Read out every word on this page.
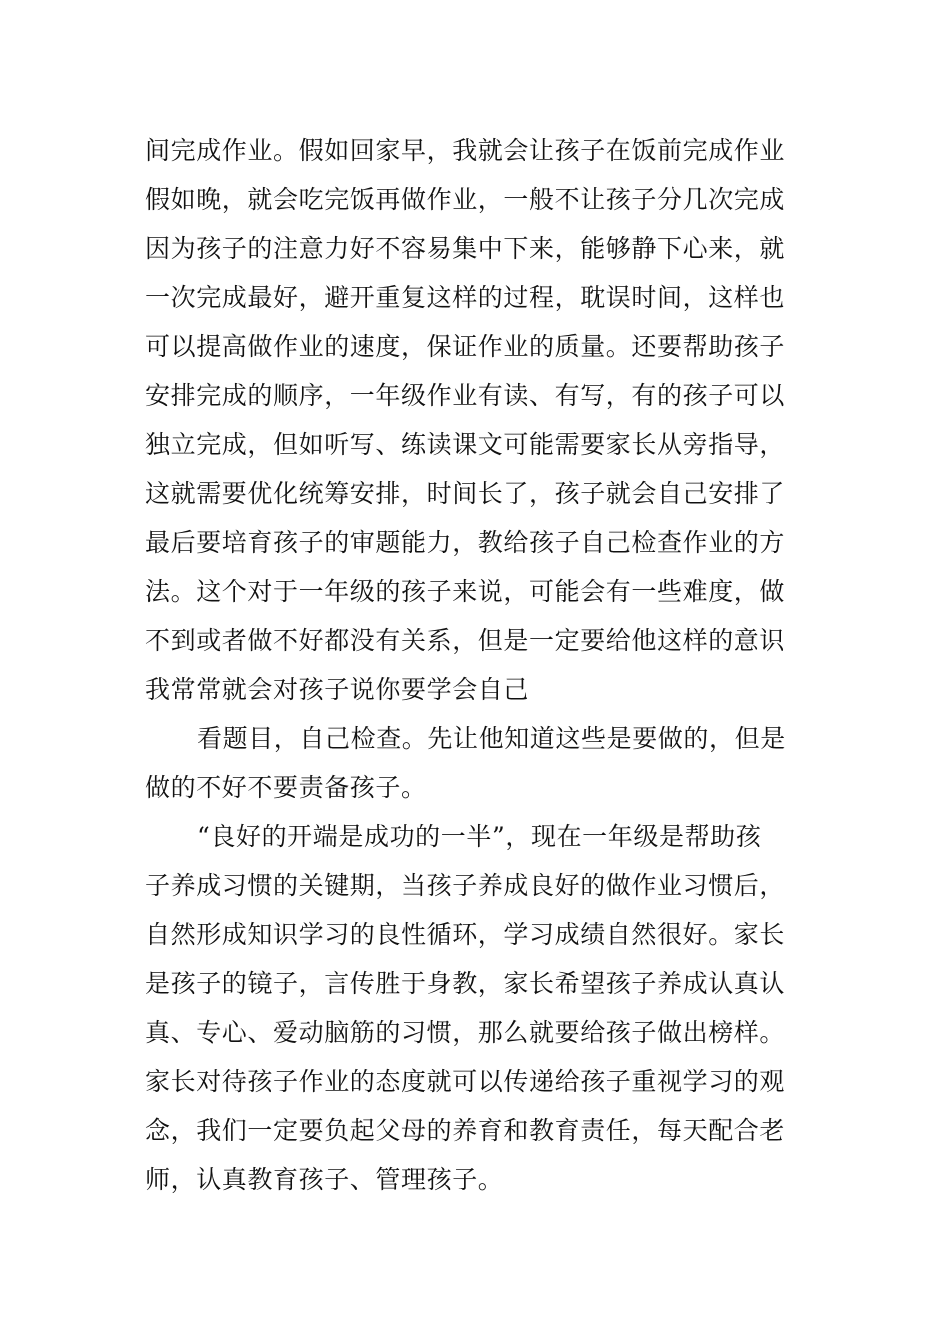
间完成作业。假如回家早，我就会让孩子在饭前完成作业
假如晚，就会吃完饭再做作业，一般不让孩子分几次完成
因为孩子的注意力好不容易集中下来，能够静下心来，就
一次完成最好，避开重复这样的过程，耽误时间，这样也
可以提高做作业的速度，保证作业的质量。还要帮助孩子
安排完成的顺序，一年级作业有读、有写，有的孩子可以
独立完成，但如听写、练读课文可能需要家长从旁指导，
这就需要优化统筹安排，时间长了，孩子就会自己安排了
最后要培育孩子的审题能力，教给孩子自己检查作业的方
法。这个对于一年级的孩子来说，可能会有一些难度，做
不到或者做不好都没有关系，但是一定要给他这样的意识
我常常就会对孩子说你要学会自己
看题目，自己检查。先让他知道这些是要做的，但是
做的不好不要责备孩子。
“良好的开端是成功的一半”，现在一年级是帮助孩
子养成习惯的关键期，当孩子养成良好的做作业习惯后，
自然形成知识学习的良性循环，学习成绩自然很好。家长
是孩子的镜子，言传胜于身教，家长希望孩子养成认真认
真、专心、爱动脑筋的习惯，那么就要给孩子做出榜样。
家长对待孩子作业的态度就可以传递给孩子重视学习的观
念，我们一定要负起父母的养育和教育责任，每天配合老
师，认真教育孩子、管理孩子。
